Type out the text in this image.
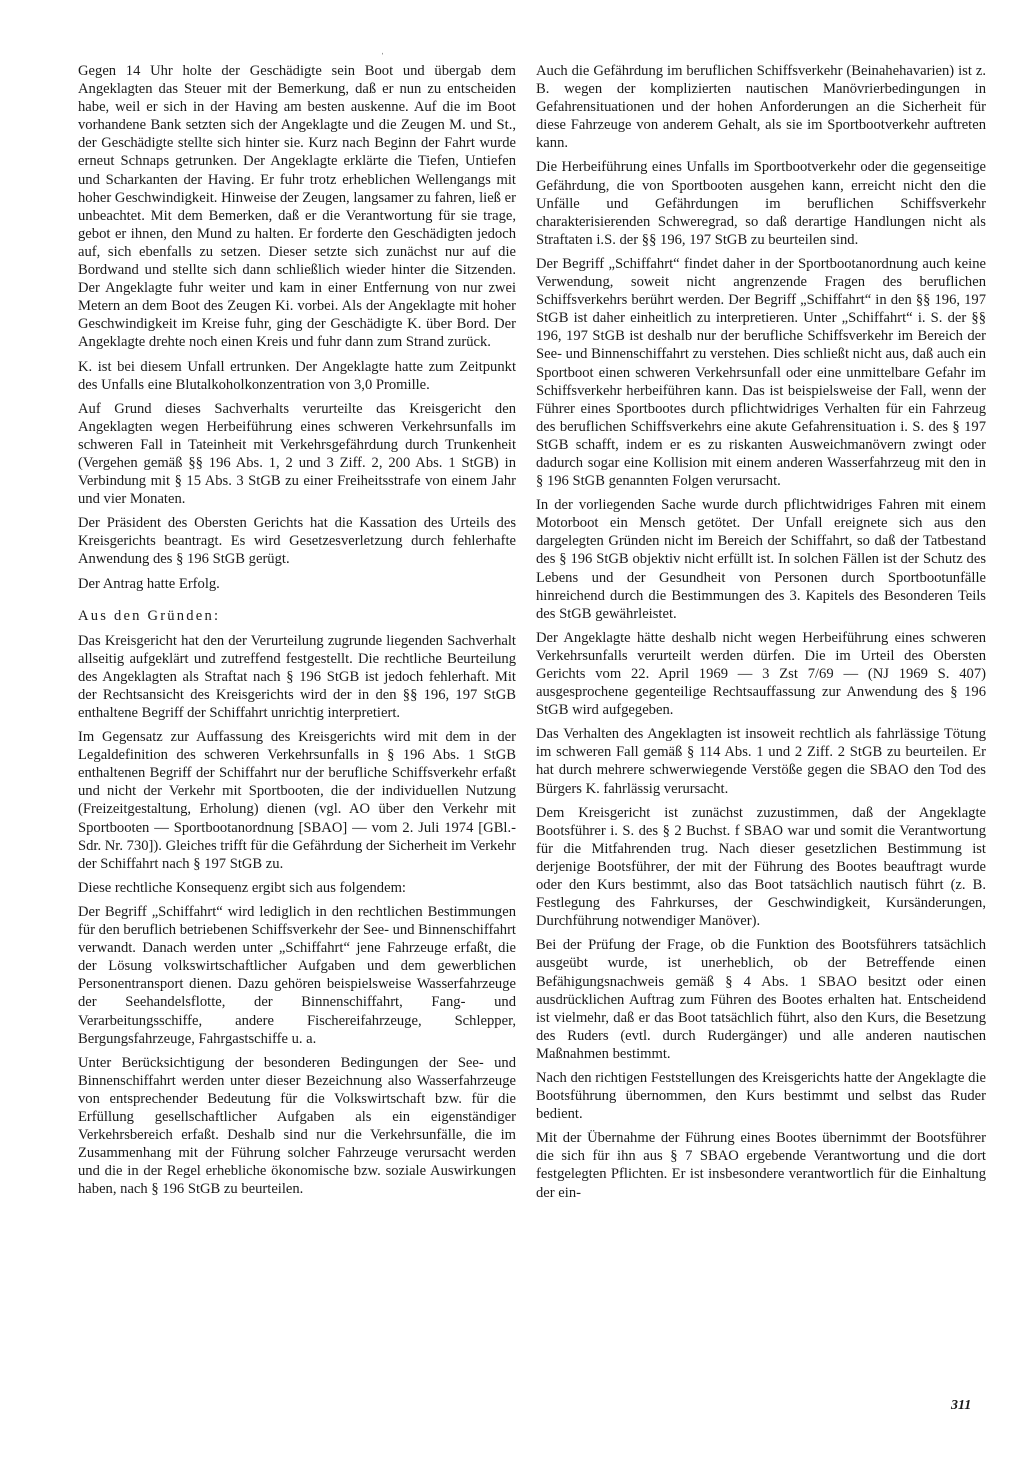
Gegen 14 Uhr holte der Geschädigte sein Boot und übergab dem Angeklagten das Steuer mit der Bemerkung, daß er nun zu entscheiden habe, weil er sich in der Having am besten auskenne. Auf die im Boot vorhandene Bank setzten sich der Angeklagte und die Zeugen M. und St., der Geschädigte stellte sich hinter sie. Kurz nach Beginn der Fahrt wurde erneut Schnaps getrunken. Der Angeklagte erklärte die Tiefen, Untiefen und Scharkanten der Having. Er fuhr trotz erheblichen Wellengangs mit hoher Geschwindigkeit. Hinweise der Zeugen, langsamer zu fahren, ließ er unbeachtet. Mit dem Bemerken, daß er die Verantwortung für sie trage, gebot er ihnen, den Mund zu halten. Er forderte den Geschädigten jedoch auf, sich ebenfalls zu setzen. Dieser setzte sich zunächst nur auf die Bordwand und stellte sich dann schließlich wieder hinter die Sitzenden. Der Angeklagte fuhr weiter und kam in einer Entfernung von nur zwei Metern an dem Boot des Zeugen Ki. vorbei. Als der Angeklagte mit hoher Geschwindigkeit im Kreise fuhr, ging der Geschädigte K. über Bord. Der Angeklagte drehte noch einen Kreis und fuhr dann zum Strand zurück.

K. ist bei diesem Unfall ertrunken. Der Angeklagte hatte zum Zeitpunkt des Unfalls eine Blutalkoholkonzentration von 3,0 Promille.

Auf Grund dieses Sachverhalts verurteilte das Kreisgericht den Angeklagten wegen Herbeiführung eines schweren Verkehrsunfalls im schweren Fall in Tateinheit mit Verkehrsgefährdung durch Trunkenheit (Vergehen gemäß §§ 196 Abs. 1, 2 und 3 Ziff. 2, 200 Abs. 1 StGB) in Verbindung mit § 15 Abs. 3 StGB zu einer Freiheitsstrafe von einem Jahr und vier Monaten.

Der Präsident des Obersten Gerichts hat die Kassation des Urteils des Kreisgerichts beantragt. Es wird Gesetzesverletzung durch fehlerhafte Anwendung des § 196 StGB gerügt.

Der Antrag hatte Erfolg.

Aus den Gründen:

Das Kreisgericht hat den der Verurteilung zugrunde liegenden Sachverhalt allseitig aufgeklärt und zutreffend festgestellt. Die rechtliche Beurteilung des Angeklagten als Straftat nach § 196 StGB ist jedoch fehlerhaft. Mit der Rechtsansicht des Kreisgerichts wird der in den §§ 196, 197 StGB enthaltene Begriff der Schiffahrt unrichtig interpretiert.

Im Gegensatz zur Auffassung des Kreisgerichts wird mit dem in der Legaldefinition des schweren Verkehrsunfalls in § 196 Abs. 1 StGB enthaltenen Begriff der Schiffahrt nur der berufliche Schiffsverkehr erfaßt und nicht der Verkehr mit Sportbooten, die der individuellen Nutzung (Freizeitgestaltung, Erholung) dienen (vgl. AO über den Verkehr mit Sportbooten — Sportbootanordnung [SBAO] — vom 2. Juli 1974 [GBl.-Sdr. Nr. 730]). Gleiches trifft für die Gefährdung der Sicherheit im Verkehr der Schiffahrt nach § 197 StGB zu.

Diese rechtliche Konsequenz ergibt sich aus folgendem:

Der Begriff „Schiffahrt“ wird lediglich in den rechtlichen Bestimmungen für den beruflich betriebenen Schiffsverkehr der See- und Binnenschiffahrt verwandt. Danach werden unter „Schiffahrt“ jene Fahrzeuge erfaßt, die der Lösung volkswirtschaftlicher Aufgaben und dem gewerblichen Personentransport dienen. Dazu gehören beispielsweise Wasserfahrzeuge der Seehandelsflotte, der Binnenschiffahrt, Fang- und Verarbeitungsschiffe, andere Fischereifahrzeuge, Schlepper, Bergungsfahrzeuge, Fahrgastschiffe u. a.

Unter Berücksichtigung der besonderen Bedingungen der See- und Binnenschiffahrt werden unter dieser Bezeichnung also Wasserfahrzeuge von entsprechender Bedeutung für die Volkswirtschaft bzw. für die Erfüllung gesellschaftlicher Aufgaben als ein eigenständiger Verkehrsbereich erfaßt. Deshalb sind nur die Verkehrsunfälle, die im Zusammenhang mit der Führung solcher Fahrzeuge verursacht werden und die in der Regel erhebliche ökonomische bzw. soziale Auswirkungen haben, nach § 196 StGB zu beurteilen.

Auch die Gefährdung im beruflichen Schiffsverkehr (Beinahehavarien) ist z. B. wegen der komplizierten nautischen Manövrierbedingungen in Gefahrensituationen und der hohen Anforderungen an die Sicherheit für diese Fahrzeuge von anderem Gehalt, als sie im Sportbootverkehr auftreten kann.

Die Herbeiführung eines Unfalls im Sportbootverkehr oder die gegenseitige Gefährdung, die von Sportbooten ausgehen kann, erreicht nicht den die Unfälle und Gefährdungen im beruflichen Schiffsverkehr charakterisierenden Schweregrad, so daß derartige Handlungen nicht als Straftaten i.S. der §§ 196, 197 StGB zu beurteilen sind.

Der Begriff „Schiffahrt“ findet daher in der Sportbootanordnung auch keine Verwendung, soweit nicht angrenzende Fragen des beruflichen Schiffsverkehrs berührt werden. Der Begriff „Schiffahrt“ in den §§ 196, 197 StGB ist daher einheitlich zu interpretieren. Unter „Schiffahrt“ i. S. der §§ 196, 197 StGB ist deshalb nur der berufliche Schiffsverkehr im Bereich der See- und Binnenschiffahrt zu verstehen. Dies schließt nicht aus, daß auch ein Sportboot einen schweren Verkehrsunfall oder eine unmittelbare Gefahr im Schiffsverkehr herbeiführen kann. Das ist beispielsweise der Fall, wenn der Führer eines Sportbootes durch pflichtwidriges Verhalten für ein Fahrzeug des beruflichen Schiffsverkehrs eine akute Gefahrensituation i. S. des § 197 StGB schafft, indem er es zu riskanten Ausweichmanövern zwingt oder dadurch sogar eine Kollision mit einem anderen Wasserfahrzeug mit den in § 196 StGB genannten Folgen verursacht.

In der vorliegenden Sache wurde durch pflichtwidriges Fahren mit einem Motorboot ein Mensch getötet. Der Unfall ereignete sich aus den dargelegten Gründen nicht im Bereich der Schiffahrt, so daß der Tatbestand des § 196 StGB objektiv nicht erfüllt ist. In solchen Fällen ist der Schutz des Lebens und der Gesundheit von Personen durch Sportbootunfälle hinreichend durch die Bestimmungen des 3. Kapitels des Besonderen Teils des StGB gewährleistet.

Der Angeklagte hätte deshalb nicht wegen Herbeiführung eines schweren Verkehrsunfalls verurteilt werden dürfen. Die im Urteil des Obersten Gerichts vom 22. April 1969 — 3 Zst 7/69 — (NJ 1969 S. 407) ausgesprochene gegenteilige Rechtsauffassung zur Anwendung des § 196 StGB wird aufgegeben.

Das Verhalten des Angeklagten ist insoweit rechtlich als fahrlässige Tötung im schweren Fall gemäß § 114 Abs. 1 und 2 Ziff. 2 StGB zu beurteilen. Er hat durch mehrere schwerwiegende Verstöße gegen die SBAO den Tod des Bürgers K. fahrlässig verursacht.

Dem Kreisgericht ist zunächst zuzustimmen, daß der Angeklagte Bootsführer i. S. des § 2 Buchst. f SBAO war und somit die Verantwortung für die Mitfahrenden trug. Nach dieser gesetzlichen Bestimmung ist derjenige Bootsführer, der mit der Führung des Bootes beauftragt wurde oder den Kurs bestimmt, also das Boot tatsächlich nautisch führt (z. B. Festlegung des Fahrkurses, der Geschwindigkeit, Kursänderungen, Durchführung notwendiger Manöver).

Bei der Prüfung der Frage, ob die Funktion des Bootsführers tatsächlich ausgeübt wurde, ist unerheblich, ob der Betreffende einen Befähigungsnachweis gemäß § 4 Abs. 1 SBAO besitzt oder einen ausdrücklichen Auftrag zum Führen des Bootes erhalten hat. Entscheidend ist vielmehr, daß er das Boot tatsächlich führt, also den Kurs, die Besetzung des Ruders (evtl. durch Rudergänger) und alle anderen nautischen Maßnahmen bestimmt.

Nach den richtigen Feststellungen des Kreisgerichts hatte der Angeklagte die Bootsführung übernommen, den Kurs bestimmt und selbst das Ruder bedient.

Mit der Übernahme der Führung eines Bootes übernimmt der Bootsführer die sich für ihn aus § 7 SBAO ergebende Verantwortung und die dort festgelegten Pflichten. Er ist insbesondere verantwortlich für die Einhaltung der ein-

ˌ
311
